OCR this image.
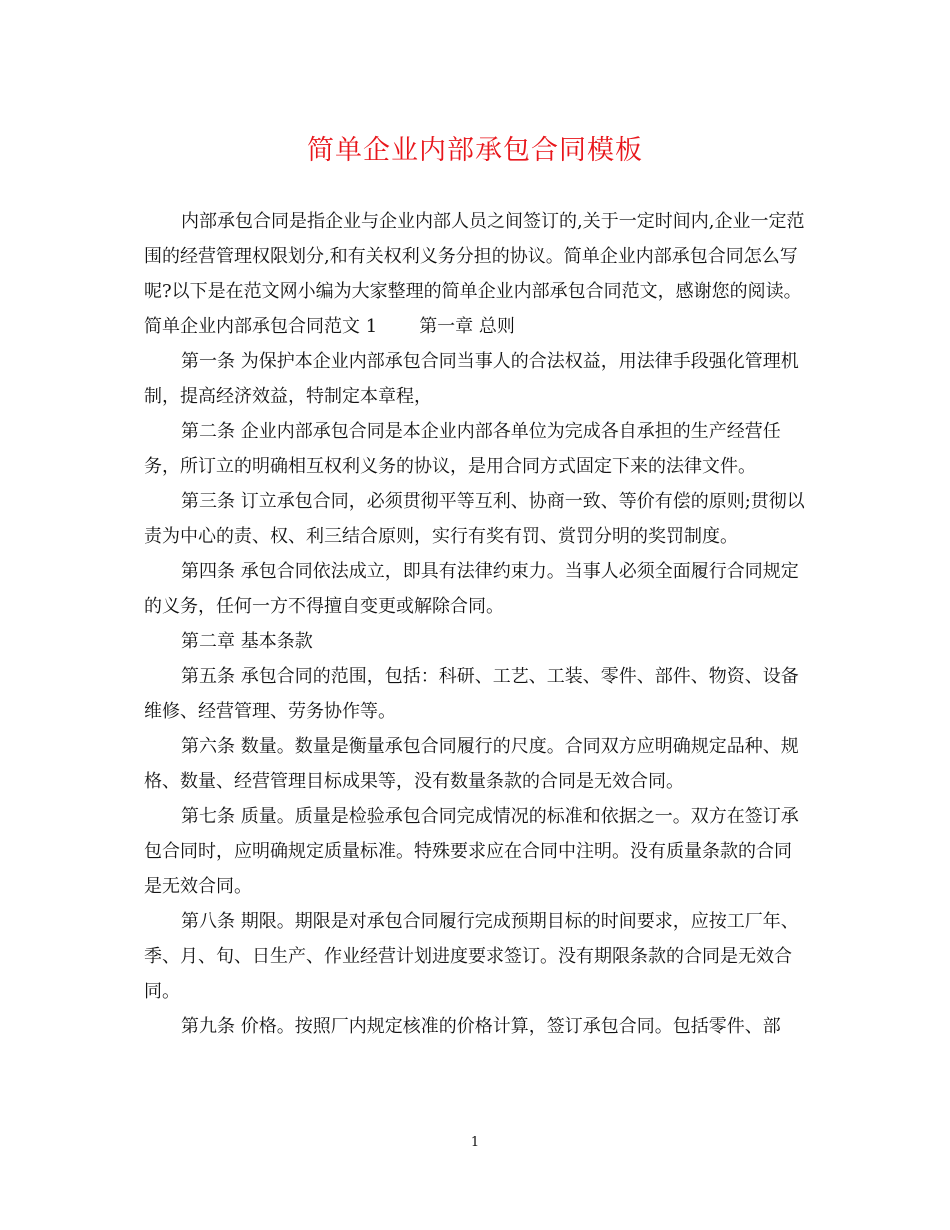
简单企业内部承包合同模板

内部承包合同是指企业与企业内部人员之间签订的,关于一定时间内,企业一定范围的经营管理权限划分,和有关权利义务分担的协议。简单企业内部承包合同怎么写呢?以下是在范文网小编为大家整理的简单企业内部承包合同范文，感谢您的阅读。

简单企业内部承包合同范文 1 第一章 总则

第一条 为保护本企业内部承包合同当事人的合法权益，用法律手段强化管理机制，提高经济效益，特制定本章程，

第二条 企业内部承包合同是本企业内部各单位为完成各自承担的生产经营任务，所订立的明确相互权利义务的协议，是用合同方式固定下来的法律文件。

第三条 订立承包合同，必须贯彻平等互利、协商一致、等价有偿的原则;贯彻以责为中心的责、权、利三结合原则，实行有奖有罚、赏罚分明的奖罚制度。

第四条 承包合同依法成立，即具有法律约束力。当事人必须全面履行合同规定的义务，任何一方不得擅自变更或解除合同。

第二章 基本条款

第五条 承包合同的范围，包括：科研、工艺、工装、零件、部件、物资、设备维修、经营管理、劳务协作等。

第六条 数量。数量是衡量承包合同履行的尺度。合同双方应明确规定品种、规格、数量、经营管理目标成果等，没有数量条款的合同是无效合同。

第七条 质量。质量是检验承包合同完成情况的标准和依据之一。双方在签订承包合同时，应明确规定质量标准。特殊要求应在合同中注明。没有质量条款的合同是无效合同。

第八条 期限。期限是对承包合同履行完成预期目标的时间要求，应按工厂年、季、月、旬、日生产、作业经营计划进度要求签订。没有期限条款的合同是无效合同。

第九条 价格。按照厂内规定核准的价格计算，签订承包合同。包括零件、部

1
